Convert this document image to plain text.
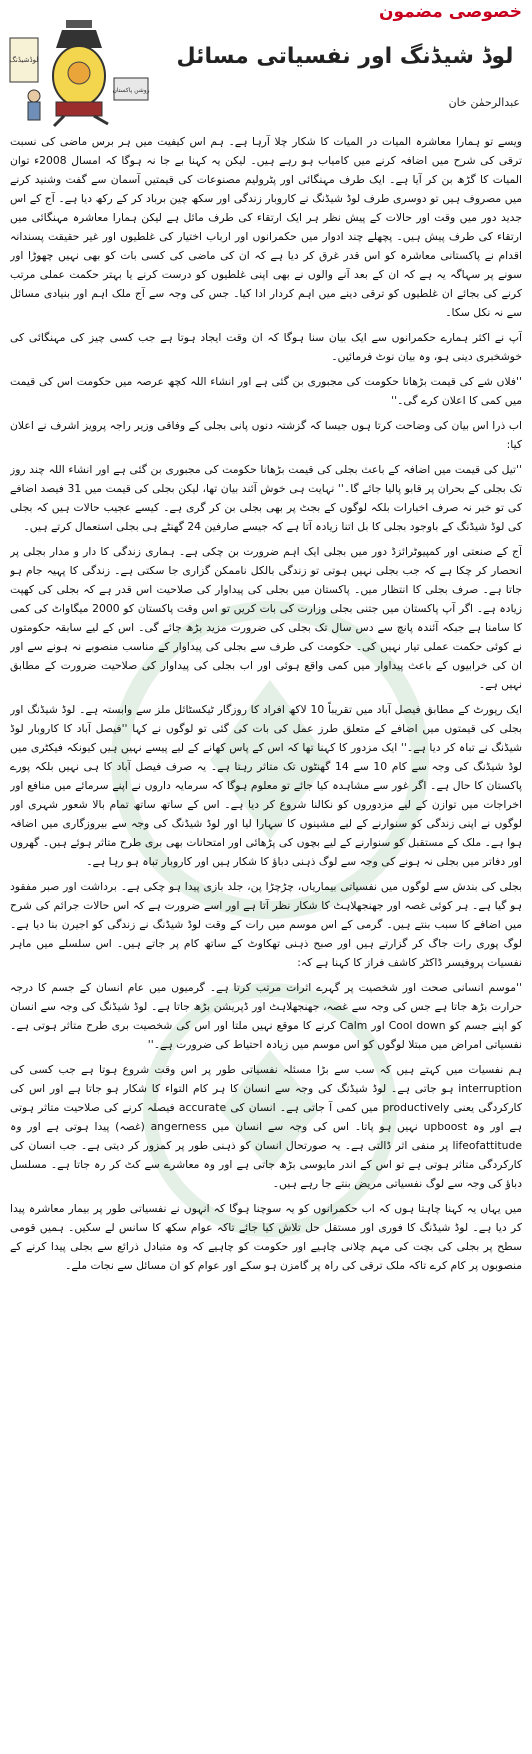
خصوصی مضمون
لوڈشیڈنگ
روشن پاکستان
لوڈ شیڈنگ اور نفسیاتی مسائل
عبدالرحمٰن خان

ویسے تو ہمارا معاشرہ المیات در المیات کا شکار چلا آرہا ہے۔ ہم اس کیفیت میں ہر برس ماضی کی نسبت ترقی کی شرح میں اضافہ کرنے میں کامیاب ہو رہے ہیں۔ لیکن یہ کہنا بے جا نہ ہوگا کہ امسال 2008ء توان المیات کا گڑھ بن کر آیا ہے۔ ایک طرف مہنگائی اور پٹرولیم مصنوعات کی قیمتیں آسمان سے گفت وشنید کرنے میں مصروف ہیں تو دوسری طرف لوڈ شیڈنگ نے کاروبار زندگی اور سکھ چین برباد کر کے رکھ دیا ہے۔ آج کے اس جدید دور میں وقت اور حالات کے پیش نظر ہر ایک ارتقاء کی طرف مائل ہے لیکن ہمارا معاشرہ مہنگائی میں ارتقاء کی طرف پیش ہیں۔ پچھلے چند ادوار میں حکمرانوں اور ارباب اختیار کی غلطیوں اور غیر حقیقت پسندانہ اقدام نے پاکستانی معاشرہ کو اس قدر غرق کر دیا ہے کہ ان کی ماضی کی کسی بات کو بھی نہیں چھوڑا اور سونے پر سہاگہ یہ ہے کہ ان کے بعد آنے والوں نے بھی اپنی غلطیوں کو درست کرنے یا بہتر حکمت عملی مرتب کرنے کی بجائے ان غلطیوں کو ترقی دینے میں اہم کردار ادا کیا۔ جس کی وجہ سے آج ملک اہم اور بنیادی مسائل سے نہ نکل سکا۔

آپ نے اکثر ہمارے حکمرانوں سے ایک بیان سنا ہوگا کہ ان وقت ایجاد ہوتا ہے جب کسی چیز کی مہنگائی کی خوشخبری دینی ہو، وہ بیان نوٹ فرمائیں۔

''فلاں شے کی قیمت بڑھانا حکومت کی مجبوری بن گئی ہے اور انشاء اللہ کچھ عرصہ میں حکومت اس کی قیمت میں کمی کا اعلان کرے گی۔''

اب ذرا اس بیان کی وضاحت کرتا ہوں جیسا کہ گزشتہ دنوں پانی بجلی کے وفاقی وزیر راجہ پرویز اشرف نے اعلان کیا:

''تیل کی قیمت میں اضافہ کے باعث بجلی کی قیمت بڑھانا حکومت کی مجبوری بن گئی ہے اور انشاء اللہ چند روز تک بجلی کے بحران پر قابو پالیا جائے گا۔'' نہایت ہی خوش آئند بیان تھا، لیکن بجلی کی قیمت میں 31 فیصد اضافے کی تو خبر نہ صرف اخبارات بلکہ لوگوں کے بجٹ پر بھی بجلی بن کر گری ہے۔ کیسے عجیب حالات ہیں کہ بجلی کی لوڈ شیڈنگ کے باوجود بجلی کا بل اتنا زیادہ آتا ہے کہ جیسے صارفین 24 گھنٹے ہی بجلی استعمال کرتے ہیں۔

آج کے صنعتی اور کمپیوٹرائزڈ دور میں بجلی ایک اہم ضرورت بن چکی ہے۔ ہماری زندگی کا دار و مدار بجلی پر انحصار کر چکا ہے کہ جب بجلی نہیں ہوتی تو زندگی بالکل ناممکن گزاری جا سکتی ہے۔ زندگی کا پہیہ جام ہو جاتا ہے۔ صرف بجلی کا انتظار میں۔ پاکستان میں بجلی کی پیداوار کی صلاحیت اس قدر ہے کہ بجلی کی کھپت زیادہ ہے۔ اگر آپ پاکستان میں جتنی بجلی وزارت کی بات کریں تو اس وقت پاکستان کو 2000 میگاواٹ کی کمی کا سامنا ہے جبکہ آئندہ پانچ سے دس سال تک بجلی کی ضرورت مزید بڑھ جائے گی۔ اس کے لیے سابقہ حکومتوں نے کوئی حکمت عملی تیار نہیں کی۔ حکومت کی طرف سے بجلی کی پیداوار کے مناسب منصوبے نہ ہونے سے اور ان کی خرابیوں کے باعث پیداوار میں کمی واقع ہوئی اور اب بجلی کی پیداوار کی صلاحیت ضرورت کے مطابق نہیں ہے۔

ایک رپورٹ کے مطابق فیصل آباد میں تقریباً 10 لاکھ افراد کا روزگار ٹیکسٹائل ملز سے وابستہ ہے۔ لوڈ شیڈنگ اور بجلی کی قیمتوں میں اضافے کے متعلق طرز عمل کی بات کی گئی تو لوگوں نے کہا ''فیصل آباد کا کاروبار لوڈ شیڈنگ نے تباہ کر دیا ہے۔'' ایک مزدور کا کہنا تھا کہ اس کے پاس کھانے کے لیے پیسے نہیں ہیں کیونکہ فیکٹری میں لوڈ شیڈنگ کی وجہ سے کام 10 سے 14 گھنٹوں تک متاثر رہتا ہے۔ یہ صرف فیصل آباد کا ہی نہیں بلکہ پورے پاکستان کا حال ہے۔ اگر غور سے مشاہدہ کیا جائے تو معلوم ہوگا کہ سرمایہ داروں نے اپنے سرمائے میں منافع اور اخراجات میں توازن کے لیے مزدوروں کو نکالنا شروع کر دیا ہے۔ اس کے ساتھ ساتھ تمام بالا شعور شہری اور لوگوں نے اپنی زندگی کو سنوارنے کے لیے مشینوں کا سہارا لیا اور لوڈ شیڈنگ کی وجہ سے بیروزگاری میں اضافہ ہوا ہے۔ ملک کے مستقبل کو سنوارنے کے لیے بچوں کی پڑھائی اور امتحانات بھی بری طرح متاثر ہوئے ہیں۔ گھروں اور دفاتر میں بجلی نہ ہونے کی وجہ سے لوگ ذہنی دباؤ کا شکار ہیں اور کاروبار تباہ ہو رہا ہے۔

بجلی کی بندش سے لوگوں میں نفسیاتی بیماریاں، چڑچڑا پن، جلد بازی پیدا ہو چکی ہے۔ برداشت اور صبر مفقود ہو گیا ہے۔ ہر کوئی غصہ اور جھنجھلاہٹ کا شکار نظر آتا ہے اور اسے ضرورت ہے کہ اس حالات جرائم کی شرح میں اضافے کا سبب بنتے ہیں۔ گرمی کے اس موسم میں رات کے وقت لوڈ شیڈنگ نے زندگی کو اجیرن بنا دیا ہے۔ لوگ پوری رات جاگ کر گزارتے ہیں اور صبح ذہنی تھکاوٹ کے ساتھ کام پر جاتے ہیں۔ اس سلسلے میں ماہر نفسیات پروفیسر ڈاکٹر کاشف فراز کا کہنا ہے کہ:

''موسم انسانی صحت اور شخصیت پر گہرے اثرات مرتب کرتا ہے۔ گرمیوں میں عام انسان کے جسم کا درجہ حرارت بڑھ جاتا ہے جس کی وجہ سے غصہ، جھنجھلاہٹ اور ڈپریشن بڑھ جاتا ہے۔ لوڈ شیڈنگ کی وجہ سے انسان کو اپنے جسم کو Cool down اور Calm کرنے کا موقع نہیں ملتا اور اس کی شخصیت بری طرح متاثر ہوتی ہے۔ نفسیاتی امراض میں مبتلا لوگوں کو اس موسم میں زیادہ احتیاط کی ضرورت ہے۔''

ہم نفسیات میں کہتے ہیں کہ سب سے بڑا مسئلہ نفسیاتی طور پر اس وقت شروع ہوتا ہے جب کسی کی interruption ہو جاتی ہے۔ لوڈ شیڈنگ کی وجہ سے انسان کا ہر کام التواء کا شکار ہو جاتا ہے اور اس کی کارکردگی یعنی productively میں کمی آ جاتی ہے۔ انسان کی accurate فیصلہ کرنے کی صلاحیت متاثر ہوتی ہے اور وہ upboost نہیں ہو پاتا۔ اس کی وجہ سے انسان میں angerness (غصہ) پیدا ہوتی ہے اور وہ lifeofattitude پر منفی اثر ڈالتی ہے۔ یہ صورتحال انسان کو ذہنی طور پر کمزور کر دیتی ہے۔ جب انسان کی کارکردگی متاثر ہوتی ہے تو اس کے اندر مایوسی بڑھ جاتی ہے اور وہ معاشرے سے کٹ کر رہ جاتا ہے۔ مسلسل دباؤ کی وجہ سے لوگ نفسیاتی مریض بنتے جا رہے ہیں۔

میں یہاں یہ کہنا چاہتا ہوں کہ اب حکمرانوں کو یہ سوچنا ہوگا کہ انہوں نے نفسیاتی طور پر بیمار معاشرہ پیدا کر دیا ہے۔ لوڈ شیڈنگ کا فوری اور مستقل حل تلاش کیا جائے تاکہ عوام سکھ کا سانس لے سکیں۔ ہمیں قومی سطح پر بجلی کی بچت کی مہم چلانی چاہیے اور حکومت کو چاہیے کہ وہ متبادل ذرائع سے بجلی پیدا کرنے کے منصوبوں پر کام کرے تاکہ ملک ترقی کی راہ پر گامزن ہو سکے اور عوام کو ان مسائل سے نجات ملے۔
